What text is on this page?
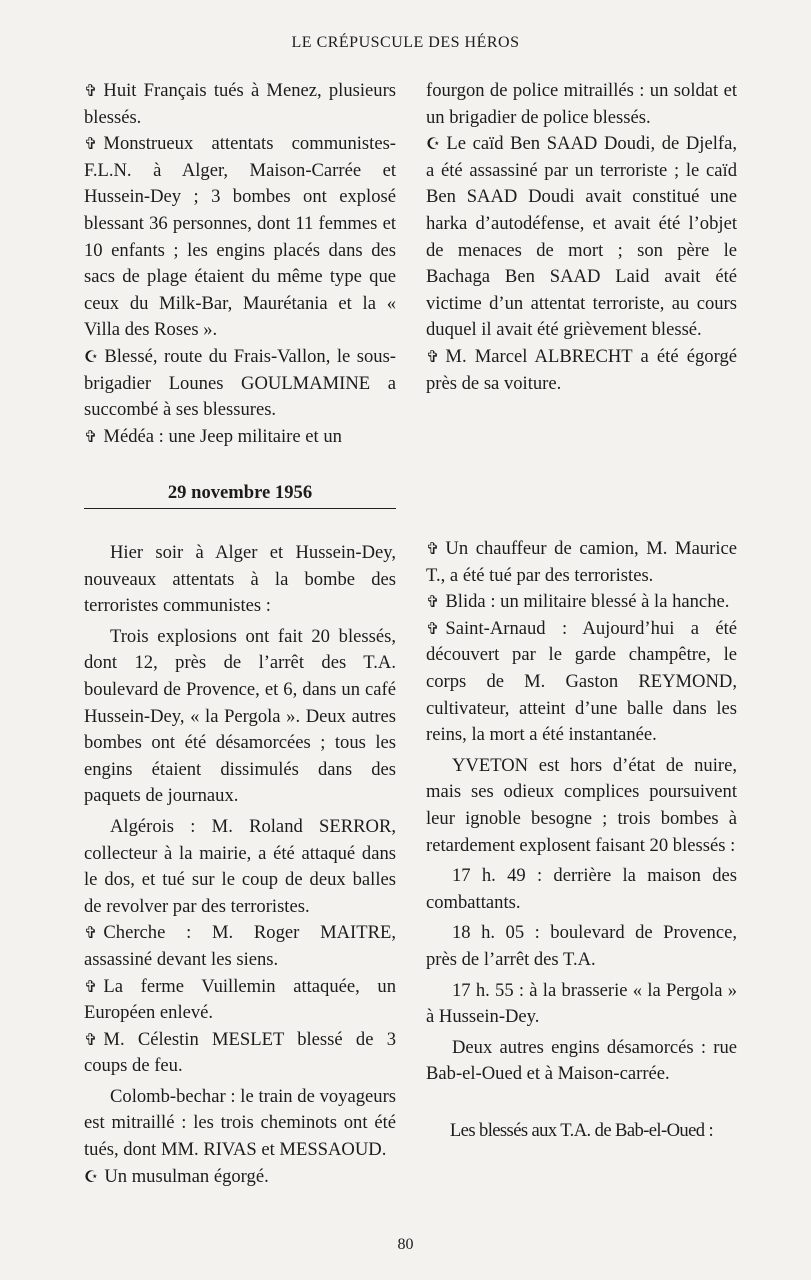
LE CRÉPUSCULE DES HÉROS

✞ Huit Français tués à Menez, plusieurs blessés.

✞ Monstrueux attentats communistes-F.L.N. à Alger, Maison-Carrée et Hussein-Dey ; 3 bombes ont explosé blessant 36 personnes, dont 11 femmes et 10 enfants ; les engins placés dans des sacs de plage étaient du même type que ceux du Milk-Bar, Maurétania et la « Villa des Roses ».

☪ Blessé, route du Frais-Vallon, le sous-brigadier Lounes GOULMAMINE a succombé à ses blessures.

✞ Médéa : une Jeep militaire et un

fourgon de police mitraillés : un soldat et un brigadier de police blessés.

☪ Le caïd Ben SAAD Doudi, de Djelfa, a été assassiné par un terroriste ; le caïd Ben SAAD Doudi avait constitué une harka d’autodéfense, et avait été l’objet de menaces de mort ; son père le Bachaga Ben SAAD Laid avait été victime d’un attentat terroriste, au cours duquel il avait été grièvement blessé.

✞ M. Marcel ALBRECHT a été égorgé près de sa voiture.

29 novembre 1956

Hier soir à Alger et Hussein-Dey, nouveaux attentats à la bombe des terroristes communistes :

Trois explosions ont fait 20 blessés, dont 12, près de l’arrêt des T.A. boulevard de Provence, et 6, dans un café Hussein-Dey, « la Pergola ». Deux autres bombes ont été désamorcées ; tous les engins étaient dissimulés dans des paquets de journaux.

Algérois : M. Roland SERROR, collecteur à la mairie, a été attaqué dans le dos, et tué sur le coup de deux balles de revolver par des terroristes.

✞ Cherche : M. Roger MAITRE, assassiné devant les siens.

✞ La ferme Vuillemin attaquée, un Européen enlevé.

✞ M. Célestin MESLET blessé de 3 coups de feu.

Colomb-bechar : le train de voyageurs est mitraillé : les trois cheminots ont été tués, dont MM. RIVAS et MESSAOUD.

☪ Un musulman égorgé.

✞ Un chauffeur de camion, M. Maurice T., a été tué par des terroristes.

✞ Blida : un militaire blessé à la hanche.

✞ Saint-Arnaud : Aujourd’hui a été découvert par le garde champêtre, le corps de M. Gaston REYMOND, cultivateur, atteint d’une balle dans les reins, la mort a été instantanée.

YVETON est hors d’état de nuire, mais ses odieux complices poursuivent leur ignoble besogne ; trois bombes à retardement explosent faisant 20 blessés :

17 h. 49 : derrière la maison des combattants.

18 h. 05 : boulevard de Provence, près de l’arrêt des T.A.

17 h. 55 : à la brasserie « la Pergola » à Hussein-Dey.

Deux autres engins désamorcés : rue Bab-el-Oued et à Maison-carrée.

Les blessés aux T.A. de Bab-el-Oued :

80
